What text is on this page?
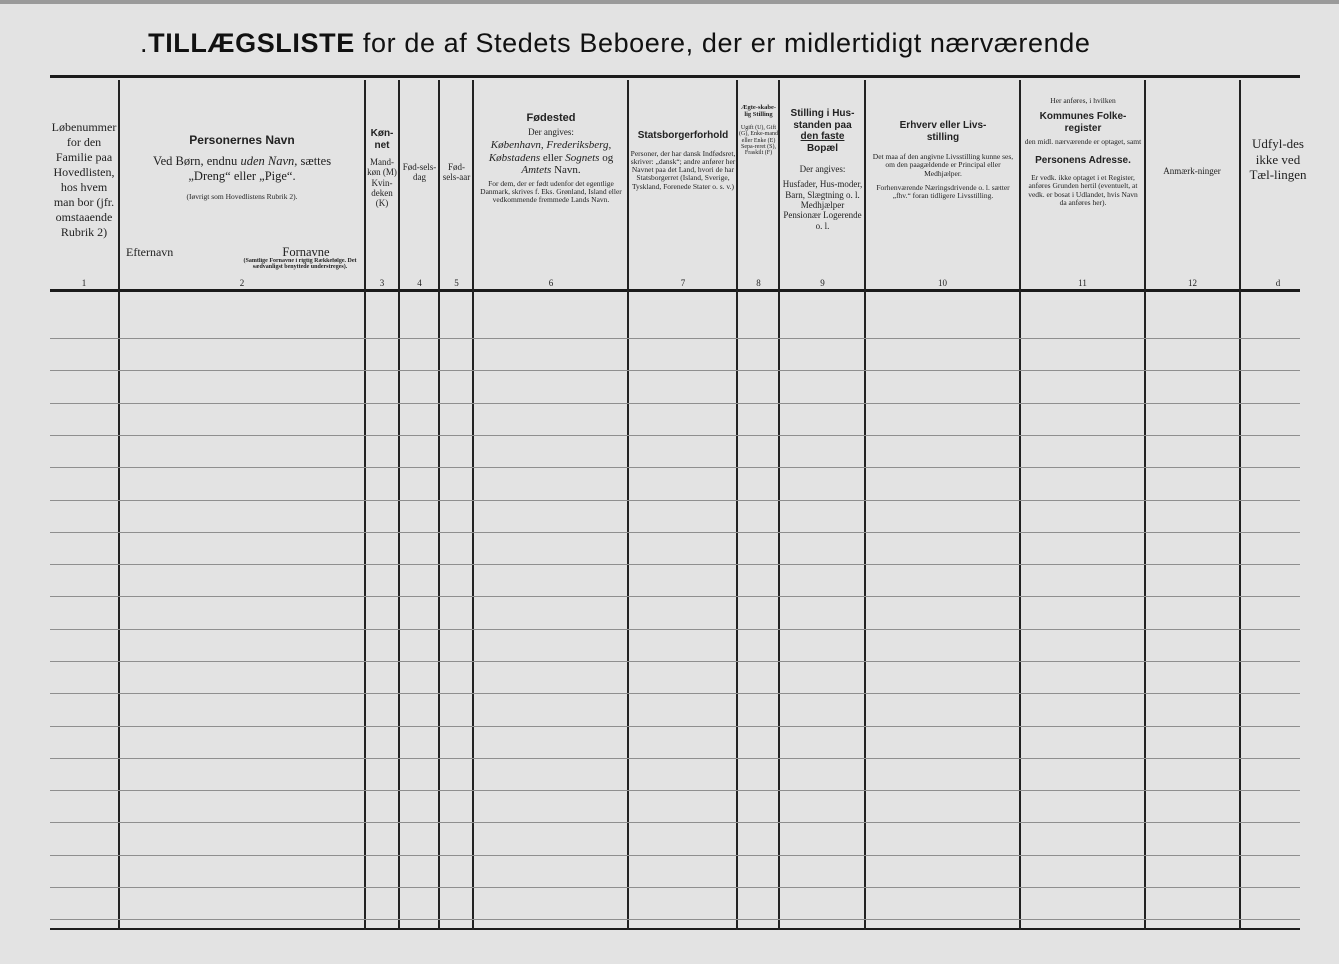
.TILLÆGSLISTE for de af Stedets Beboere, der er midlertidigt nærværende
Løbenummer for den Familie paa Hovedlisten, hos hvem man bor (jfr. omstaaende Rubrik 2)
1
Personernes Navn
Ved Børn, endnu uden Navn, sættes
„Dreng“ eller „Pige“.
(Iøvrigt som Hovedlistens Rubrik 2).
Efternavn	Fornavne
(Samtlige Fornavne i rigtig Rækkefølge. Det sædvanligst benyttede understreges).
2
Køn-net
Mand-køn (M) Kvin-deken (K)
3
Fød-sels-dag
4
Fød-sels-aar
5
Fødested
Der angives:
København, Frederiksberg, Købstadens eller Sognets og Amtets Navn.
For dem, der er født udenfor det egentlige Danmark, skrives f. Eks. Grønland, Island eller vedkommende fremmede Lands Navn.
6
Statsborgerforhold
Personer, der har dansk Indfødsret, skriver: „dansk“; andre anfører her Navnet paa det Land, hvori de har Statsborgerret (Island, Sverige, Tyskland, Forenede Stater o. s. v.)
7
Ægte-skabe-lig Stilling
Ugift (U), Gift (G), Enke-mand eller Enke (E) Sepa-reret (S), Fraskilt (F)
8
Stilling i Hus-standen paa
den faste
Bopæl
Der angives:
Husfader, Hus-moder, Barn, Slægtning o. l. Medhjælper Pensionær Logerende o. l.
9
Erhverv eller Livs-stilling
Det maa af den angivne Livsstilling kunne ses, om den paagældende er Principal eller Medhjælper.
Forhenværende Næringsdrivende o. l. sætter „fhv.“ foran tidligere Livsstilling.
10
Her anføres, i hvilken
Kommunes Folke-register
den midl. nærværende er optaget, samt
Personens Adresse.
Er vedk. ikke optaget i et Register, anføres Grunden hertil (eventuelt, at vedk. er bosat i Udlandet, hvis Navn da anføres her).
11
Anmærk-ninger
12
Udfyl-des ikke ved Tæl-lingen
d
